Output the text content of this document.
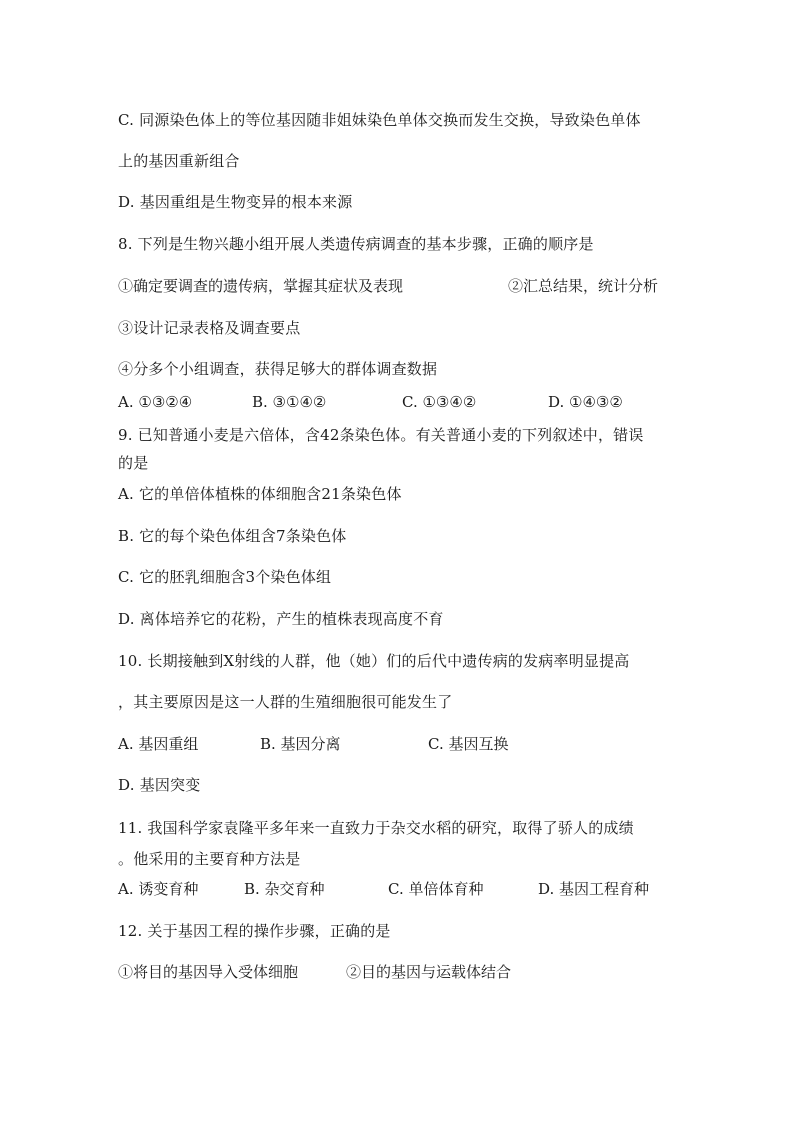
C. 同源染色体上的等位基因随非姐妹染色单体交换而发生交换，导致染色单体

上的基因重新组合

D. 基因重组是生物变异的根本来源

8. 下列是生物兴趣小组开展人类遗传病调查的基本步骤，正确的顺序是

①确定要调查的遗传病，掌握其症状及表现	②汇总结果，统计分析

③设计记录表格及调查要点

④分多个小组调查，获得足够大的群体调查数据

A. ①③②④	B. ③①④②	C. ①③④②	D. ①④③②

9. 已知普通小麦是六倍体，含42条染色体。有关普通小麦的下列叙述中，错误

的是

A. 它的单倍体植株的体细胞含21条染色体

B. 它的每个染色体组含7条染色体

C. 它的胚乳细胞含3个染色体组

D. 离体培养它的花粉，产生的植株表现高度不育

10. 长期接触到X射线的人群，他（她）们的后代中遗传病的发病率明显提高

，其主要原因是这一人群的生殖细胞很可能发生了

A. 基因重组	B. 基因分离	C. 基因互换

D. 基因突变

11. 我国科学家袁隆平多年来一直致力于杂交水稻的研究，取得了骄人的成绩

。他采用的主要育种方法是

A. 诱变育种	B. 杂交育种	C. 单倍体育种	D. 基因工程育种

12. 关于基因工程的操作步骤，正确的是

①将目的基因导入受体细胞	②目的基因与运载体结合
